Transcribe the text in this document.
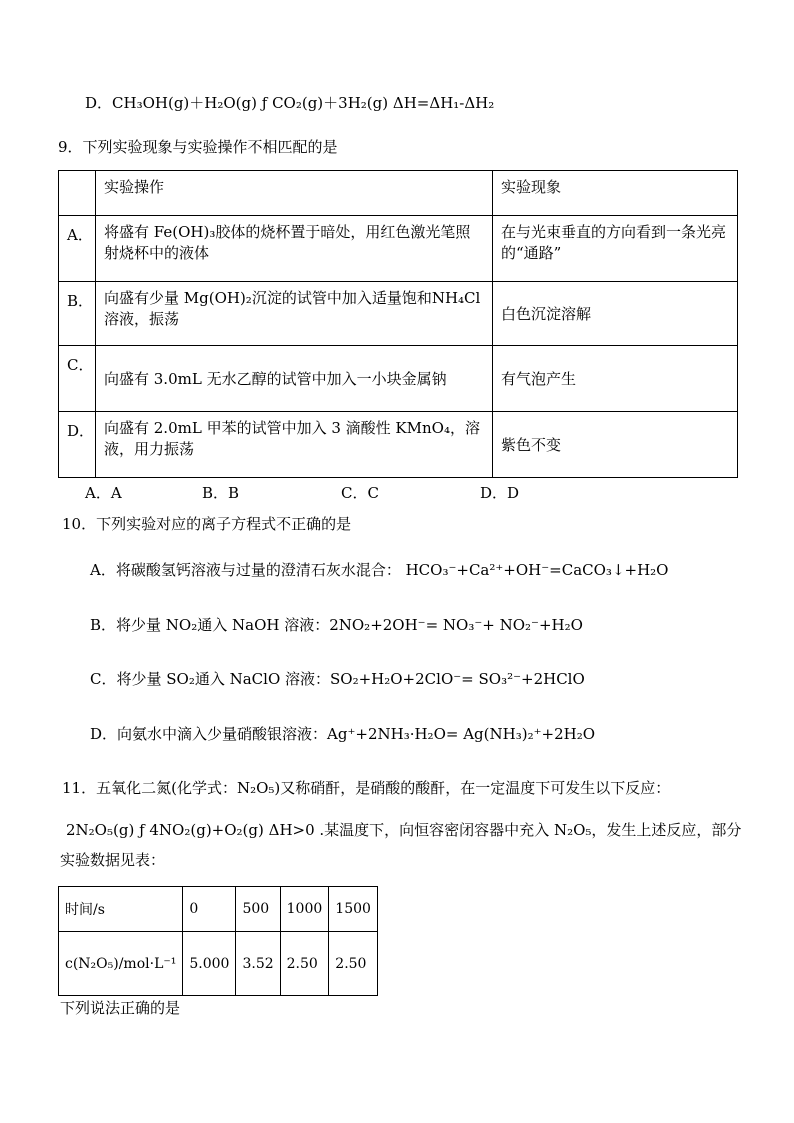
D．CH₃OH(g)＋H₂O(g) ƒ CO₂(g)＋3H₂(g) ΔH=ΔH₁-ΔH₂
9．下列实验现象与实验操作不相匹配的是
	实验操作	实验现象
A．	将盛有 Fe(OH)₃胶体的烧杯置于暗处，用红色激光笔照射烧杯中的液体	在与光束垂直的方向看到一条光亮的“通路”
B．	向盛有少量 Mg(OH)₂沉淀的试管中加入适量饱和NH₄Cl 溶液，振荡	白色沉淀溶解
C．	向盛有 3.0mL 无水乙醇的试管中加入一小块金属钠	有气泡产生
D．	向盛有 2.0mL 甲苯的试管中加入 3 滴酸性 KMnO₄，溶液，用力振荡	紫色不变
A．A	B．B	C．C	D．D
10．下列实验对应的离子方程式不正确的是
A．将碳酸氢钙溶液与过量的澄清石灰水混合： HCO₃⁻+Ca²⁺+OH⁻=CaCO₃↓+H₂O
B．将少量 NO₂通入 NaOH 溶液：2NO₂+2OH⁻= NO₃⁻+ NO₂⁻+H₂O
C．将少量 SO₂通入 NaClO 溶液：SO₂+H₂O+2ClO⁻= SO₃²⁻+2HClO
D．向氨水中滴入少量硝酸银溶液：Ag⁺+2NH₃·H₂O= Ag(NH₃)₂⁺+2H₂O
11．五氧化二氮(化学式：N₂O₅)又称硝酐，是硝酸的酸酐，在一定温度下可发生以下反应：
2N₂O₅(g) ƒ 4NO₂(g)+O₂(g) ΔH>0 .某温度下，向恒容密闭容器中充入 N₂O₅，发生上述反应，部分
实验数据见表：
时间/s	0	500	1000	1500
c(N₂O₅)/mol·L⁻¹	5.000	3.52	2.50	2.50
下列说法正确的是
